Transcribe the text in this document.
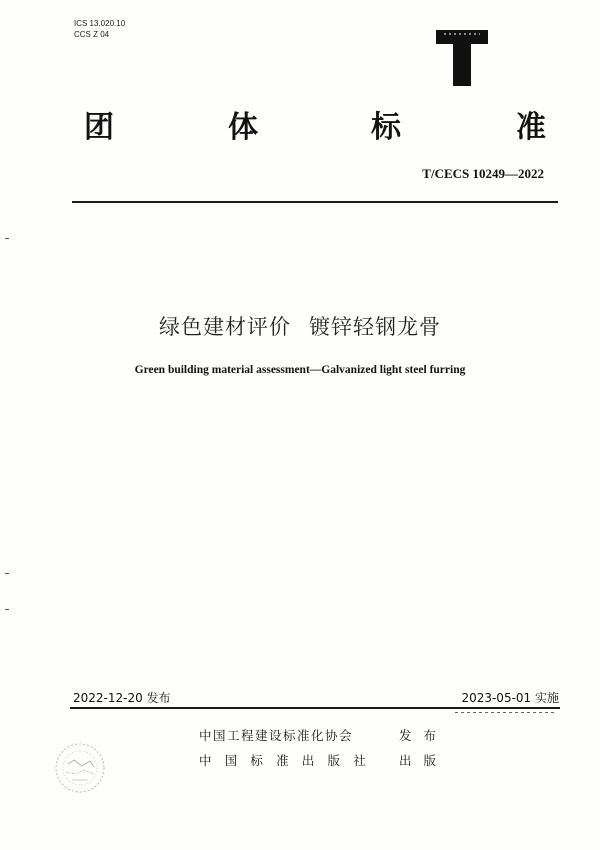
ICS 13.020.10
CCS Z 04
团	体	标	准
T/CECS 10249—2022
绿色建材评价 镀锌轻钢龙骨
Green building material assessment—Galvanized light steel furring
2022-12-20 发布	2023-05-01 实施
中国工程建设标准化协会	发布
中国标准出版社 出版
